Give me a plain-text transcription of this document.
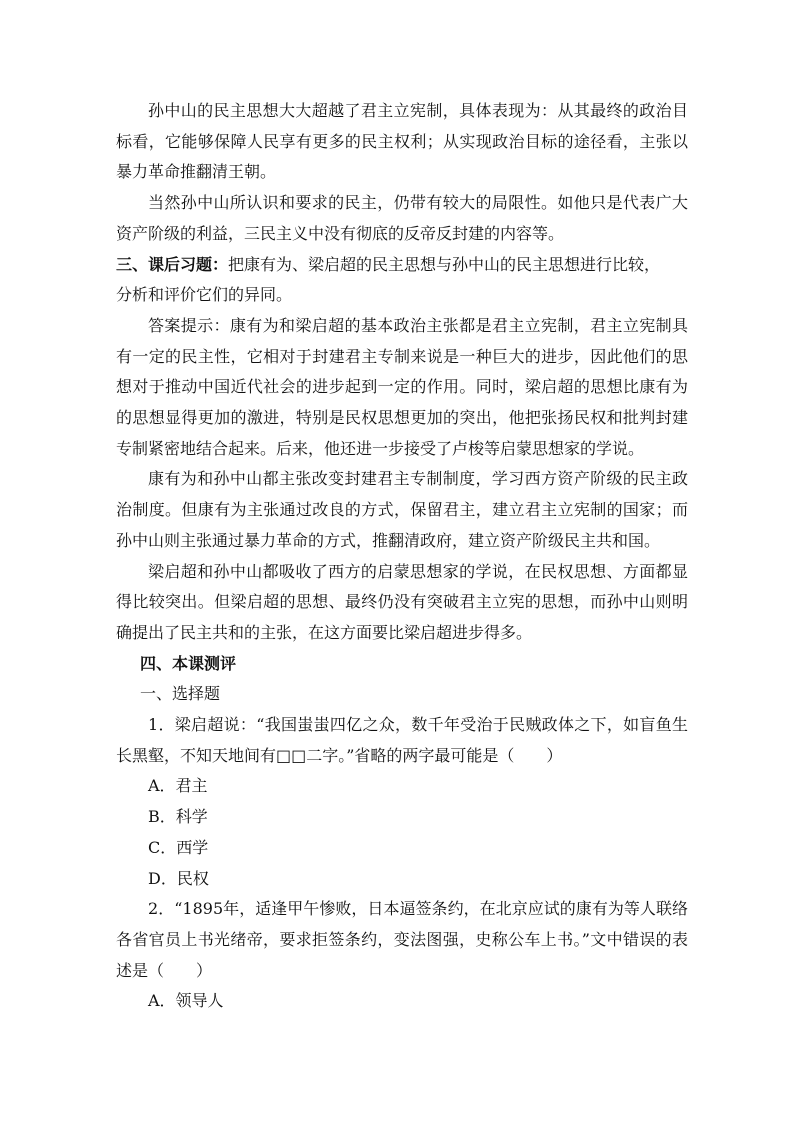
孙中山的民主思想大大超越了君主立宪制，具体表现为：从其最终的政治目标看，它能够保障人民享有更多的民主权利；从实现政治目标的途径看，主张以暴力革命推翻清王朝。

当然孙中山所认识和要求的民主，仍带有较大的局限性。如他只是代表广大资产阶级的利益，三民主义中没有彻底的反帝反封建的内容等。

三、课后习题：把康有为、梁启超的民主思想与孙中山的民主思想进行比较，

分析和评价它们的异同。

答案提示：康有为和梁启超的基本政治主张都是君主立宪制，君主立宪制具有一定的民主性，它相对于封建君主专制来说是一种巨大的进步，因此他们的思想对于推动中国近代社会的进步起到一定的作用。同时，梁启超的思想比康有为的思想显得更加的激进，特别是民权思想更加的突出，他把张扬民权和批判封建专制紧密地结合起来。后来，他还进一步接受了卢梭等启蒙思想家的学说。

康有为和孙中山都主张改变封建君主专制制度，学习西方资产阶级的民主政治制度。但康有为主张通过改良的方式，保留君主，建立君主立宪制的国家；而孙中山则主张通过暴力革命的方式，推翻清政府，建立资产阶级民主共和国。

梁启超和孙中山都吸收了西方的启蒙思想家的学说，在民权思想、方面都显得比较突出。但梁启超的思想、最终仍没有突破君主立宪的思想，而孙中山则明确提出了民主共和的主张，在这方面要比梁启超进步得多。

四、本课测评

一、选择题

1．梁启超说：“我国蚩蚩四亿之众，数千年受治于民贼政体之下，如盲鱼生长黑壑，不知天地间有□□二字。”省略的两字最可能是（　　）

A．君主

B．科学

C．西学

D．民权

2．“1895年，适逢甲午惨败，日本逼签条约，在北京应试的康有为等人联络各省官员上书光绪帝，要求拒签条约，变法图强，史称公车上书。”文中错误的表述是（　　）

A．领导人
